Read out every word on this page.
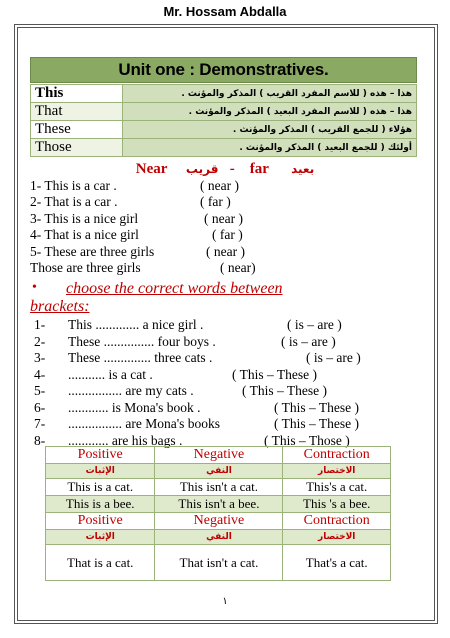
Mr. Hossam Abdalla
Unit one : Demonstratives.
This	هذا – هذه ( للاسم المفرد القريب ) المذكر والمؤنث .
That	هذا – هذه ( للاسم المفرد البعيد ) المذكر والمؤنث .
These	هؤلاء ( للجمع القريب ) المذكر والمؤنث .
Those	أولئك ( للجمع البعيد ) المذكر والمؤنث .
Near قريب - far بعيد
1- This is a car .	( near )
2- That is a car .	( far )
3- This is a nice girl	( near )
4- That is a nice girl	( far )
5- These are three girls	( near )
Those are three girls	( near)
• choose the correct words between
brackets:
1- This ............. a nice girl .	( is – are )
2- These ............... four boys .	( is – are )
3- These .............. three cats .	( is – are )
4- ........... is a cat .	( This – These )
5- ................ are my cats .	( This – These )
6- ............ is Mona's book .	( This – These )
7- ................ are Mona's books	( This – These )
8- ............ are his bags .	( This – Those )
Positive	Negative	Contraction
الإثبات	النفي	الاختصار
This is a cat.	This isn't a cat.	This's a cat.
This is a bee.	This isn't a bee.	This 's a bee.
Positive	Negative	Contraction
الإثبات	النفي	الاختصار
That is a cat.	That isn't a cat.	That's a cat.
١
